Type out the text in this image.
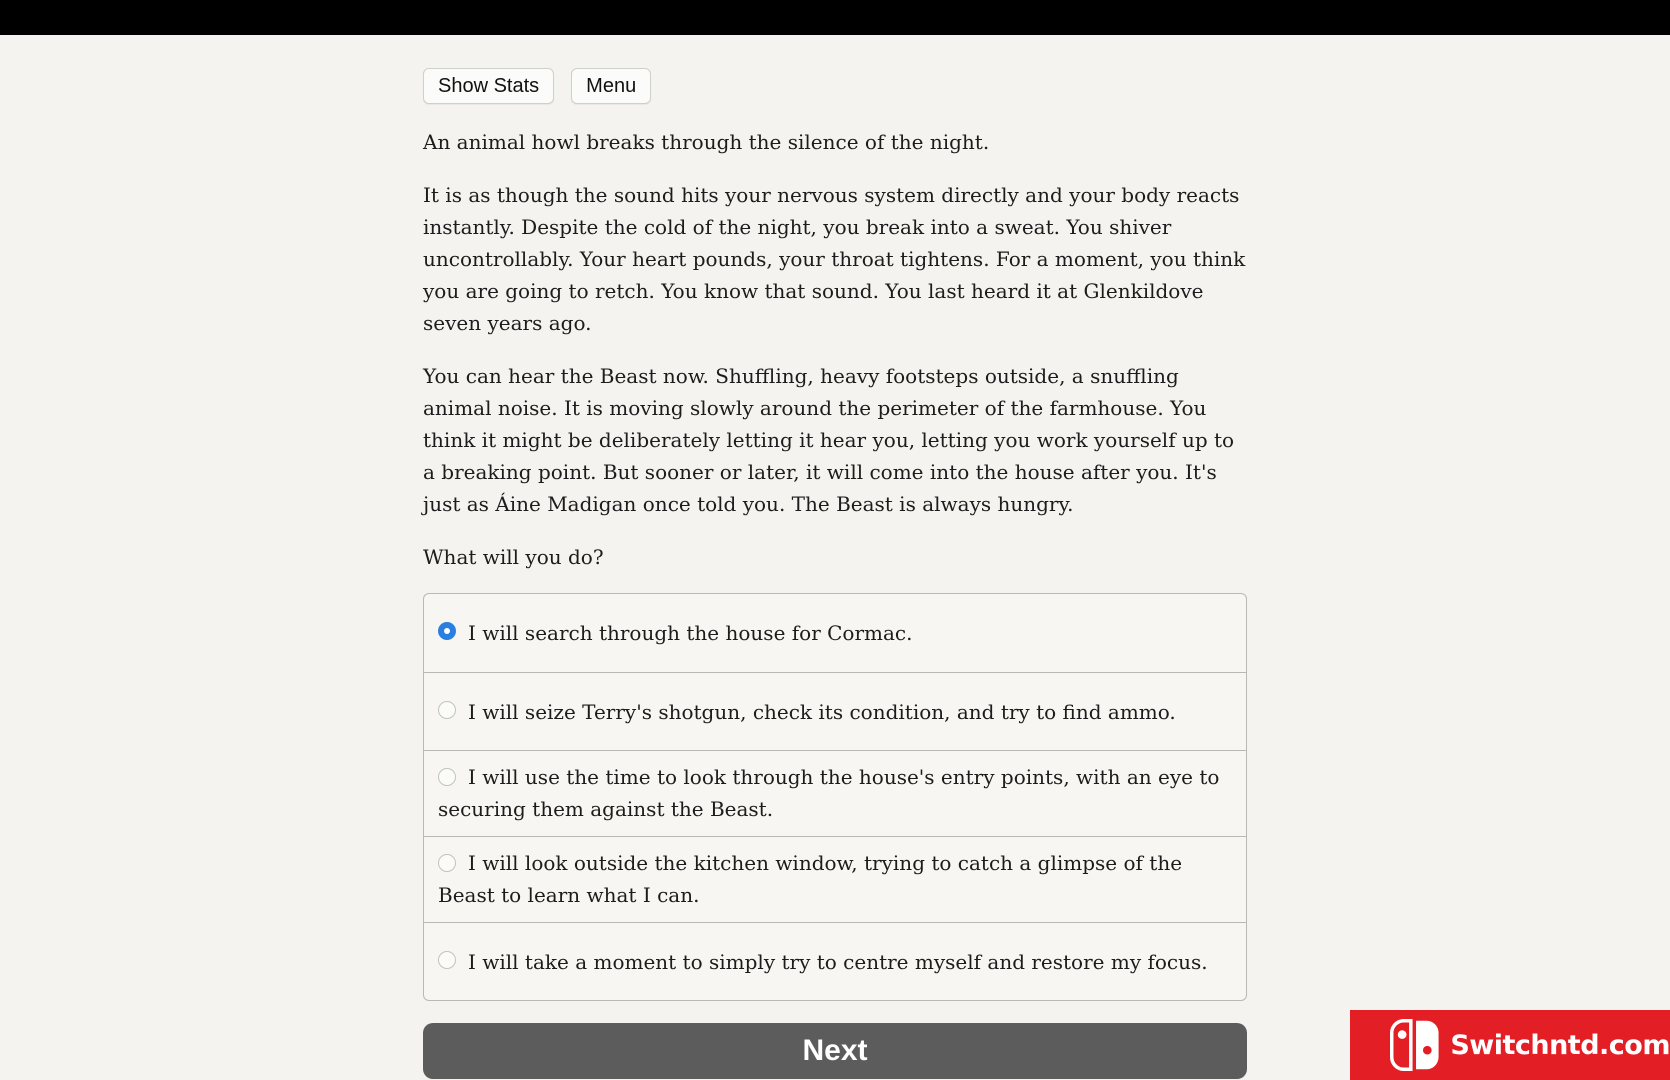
Show Stats	Menu

An animal howl breaks through the silence of the night.

It is as though the sound hits your nervous system directly and your body reacts instantly. Despite the cold of the night, you break into a sweat. You shiver uncontrollably. Your heart pounds, your throat tightens. For a moment, you think you are going to retch. You know that sound. You last heard it at Glenkildove seven years ago.

You can hear the Beast now. Shuffling, heavy footsteps outside, a snuffling animal noise. It is moving slowly around the perimeter of the farmhouse. You think it might be deliberately letting it hear you, letting you work yourself up to a breaking point. But sooner or later, it will come into the house after you. It's just as Áine Madigan once told you. The Beast is always hungry.

What will you do?

I will search through the house for Cormac.
I will seize Terry's shotgun, check its condition, and try to find ammo.
I will use the time to look through the house's entry points, with an eye to securing them against the Beast.
I will look outside the kitchen window, trying to catch a glimpse of the Beast to learn what I can.
I will take a moment to simply try to centre myself and restore my focus.
Next	Switchntd.com
